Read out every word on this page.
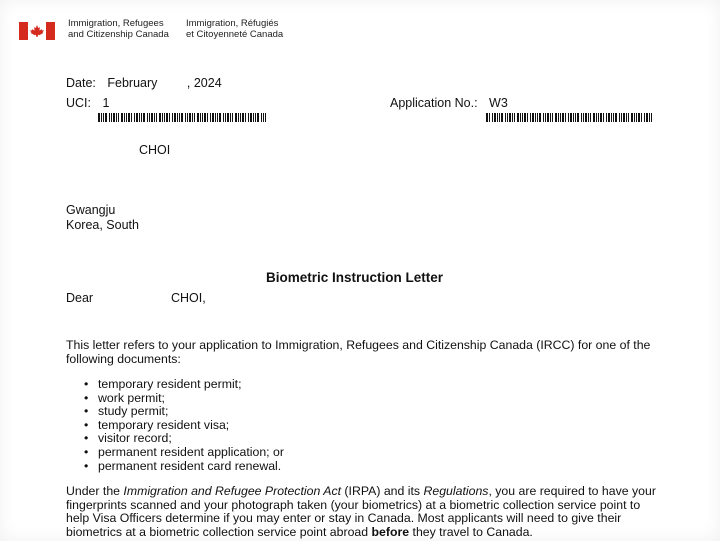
Immigration, Refugees
and Citizenship Canada
Immigration, Réfugiés
et Citoyenneté Canada
Date: February , 2024
UCI: 1	Application No.: W3
CHOI
Gwangju
Korea, South
Biometric Instruction Letter
Dear	CHOI,
This letter refers to your application to Immigration, Refugees and Citizenship Canada (IRCC) for one of the following documents:
• temporary resident permit;
• work permit;
• study permit;
• temporary resident visa;
• visitor record;
• permanent resident application; or
• permanent resident card renewal.
Under the Immigration and Refugee Protection Act (IRPA) and its Regulations, you are required to have your fingerprints scanned and your photograph taken (your biometrics) at a biometric collection service point to help Visa Officers determine if you may enter or stay in Canada. Most applicants will need to give their biometrics at a biometric collection service point abroad before they travel to Canada.
